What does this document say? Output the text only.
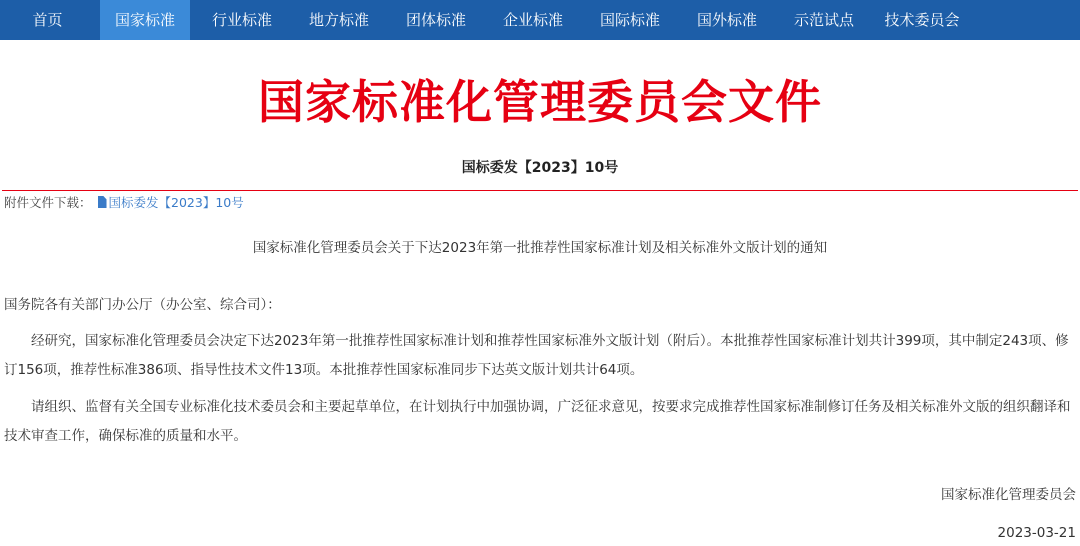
首页	国家标准	行业标准	地方标准	团体标准	企业标准	国际标准	国外标准	示范试点	技术委员会
国家标准化管理委员会文件
国标委发【2023】10号
附件文件下载： 国标委发【2023】10号
国家标准化管理委员会关于下达2023年第一批推荐性国家标准计划及相关标准外文版计划的通知

国务院各有关部门办公厅（办公室、综合司）：

经研究，国家标准化管理委员会决定下达2023年第一批推荐性国家标准计划和推荐性国家标准外文版计划（附后）。本批推荐性国家标准计划共计399项，其中制定243项、修订156项，推荐性标准386项、指导性技术文件13项。本批推荐性国家标准同步下达英文版计划共计64项。

请组织、监督有关全国专业标准化技术委员会和主要起草单位，在计划执行中加强协调，广泛征求意见，按要求完成推荐性国家标准制修订任务及相关标准外文版的组织翻译和技术审查工作，确保标准的质量和水平。

国家标准化管理委员会
2023-03-21
